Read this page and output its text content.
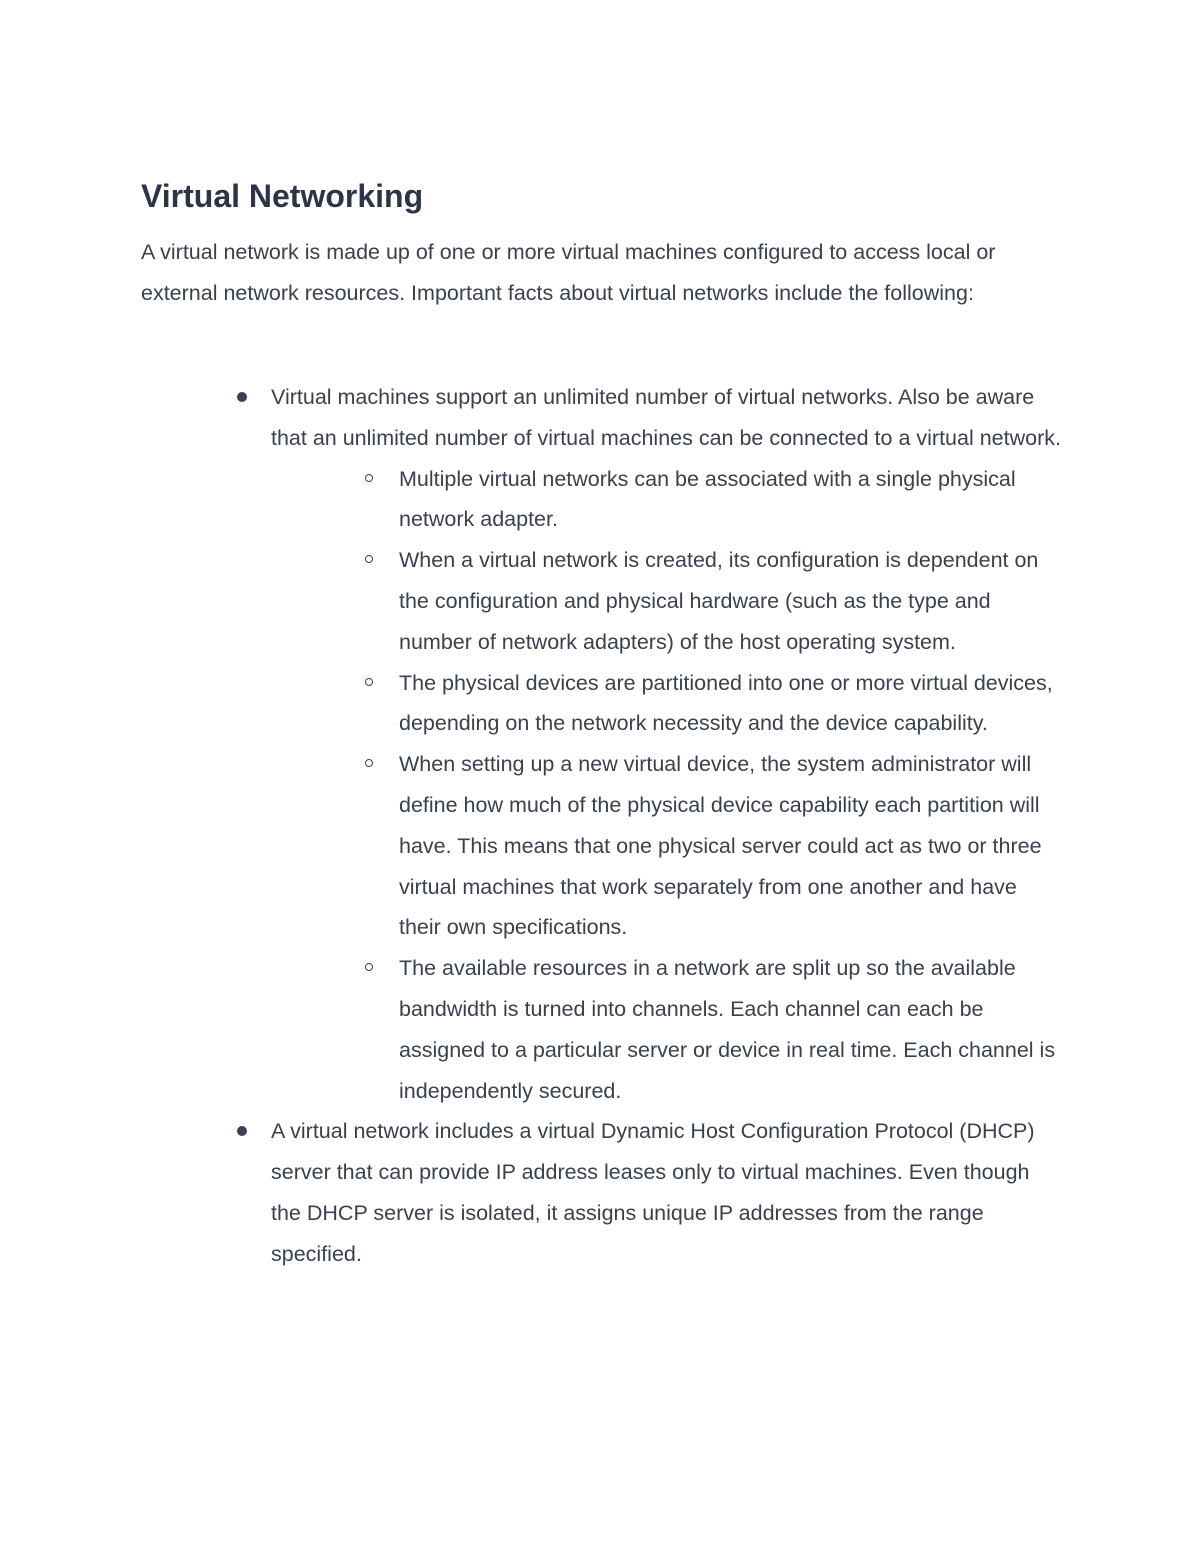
Virtual Networking

A virtual network is made up of one or more virtual machines configured to access local or external network resources. Important facts about virtual networks include the following:

Virtual machines support an unlimited number of virtual networks. Also be aware that an unlimited number of virtual machines can be connected to a virtual network.
Multiple virtual networks can be associated with a single physical network adapter.
When a virtual network is created, its configuration is dependent on the configuration and physical hardware (such as the type and number of network adapters) of the host operating system.
The physical devices are partitioned into one or more virtual devices, depending on the network necessity and the device capability.
When setting up a new virtual device, the system administrator will define how much of the physical device capability each partition will have. This means that one physical server could act as two or three virtual machines that work separately from one another and have their own specifications.
The available resources in a network are split up so the available bandwidth is turned into channels. Each channel can each be assigned to a particular server or device in real time. Each channel is independently secured.
A virtual network includes a virtual Dynamic Host Configuration Protocol (DHCP) server that can provide IP address leases only to virtual machines. Even though the DHCP server is isolated, it assigns unique IP addresses from the range specified.
